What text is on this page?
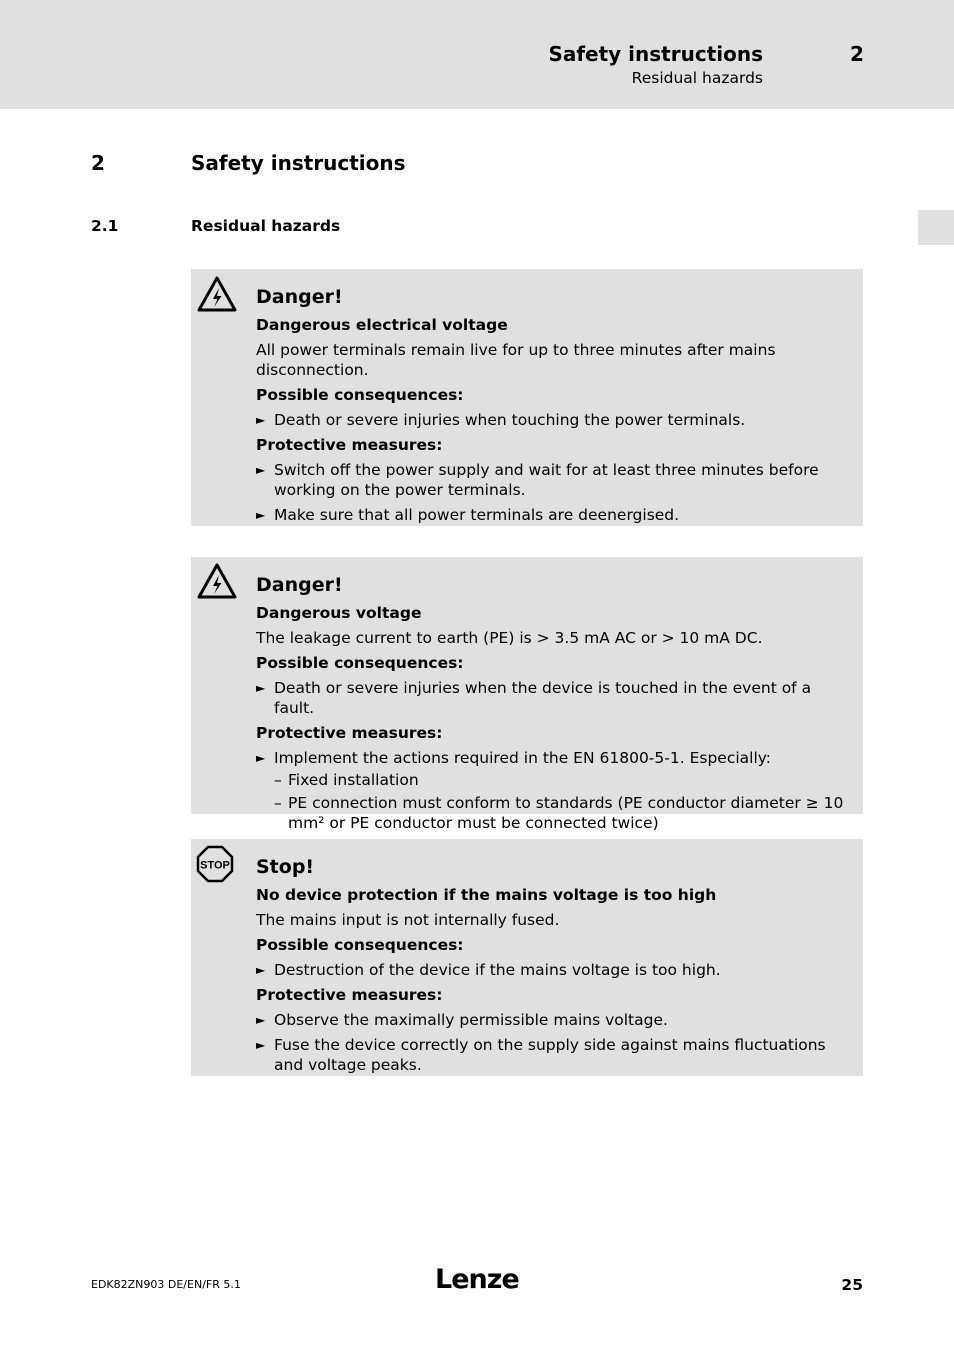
Safety instructions	2
Residual hazards
2	Safety instructions
2.1	Residual hazards
Danger!
Dangerous electrical voltage
All power terminals remain live for up to three minutes after mains disconnection.
Possible consequences:
► Death or severe injuries when touching the power terminals.
Protective measures:
► Switch off the power supply and wait for at least three minutes before working on the power terminals.
► Make sure that all power terminals are deenergised.
Danger!
Dangerous voltage
The leakage current to earth (PE) is > 3.5 mA AC or > 10 mA DC.
Possible consequences:
► Death or severe injuries when the device is touched in the event of a fault.
Protective measures:
► Implement the actions required in the EN 61800-5-1. Especially:
– Fixed installation
– PE connection must conform to standards (PE conductor diameter ≥ 10 mm² or PE conductor must be connected twice)
STOP Stop!
No device protection if the mains voltage is too high
The mains input is not internally fused.
Possible consequences:
► Destruction of the device if the mains voltage is too high.
Protective measures:
► Observe the maximally permissible mains voltage.
► Fuse the device correctly on the supply side against mains fluctuations and voltage peaks.
EDK82ZN903 DE/EN/FR 5.1	Lenze	25
